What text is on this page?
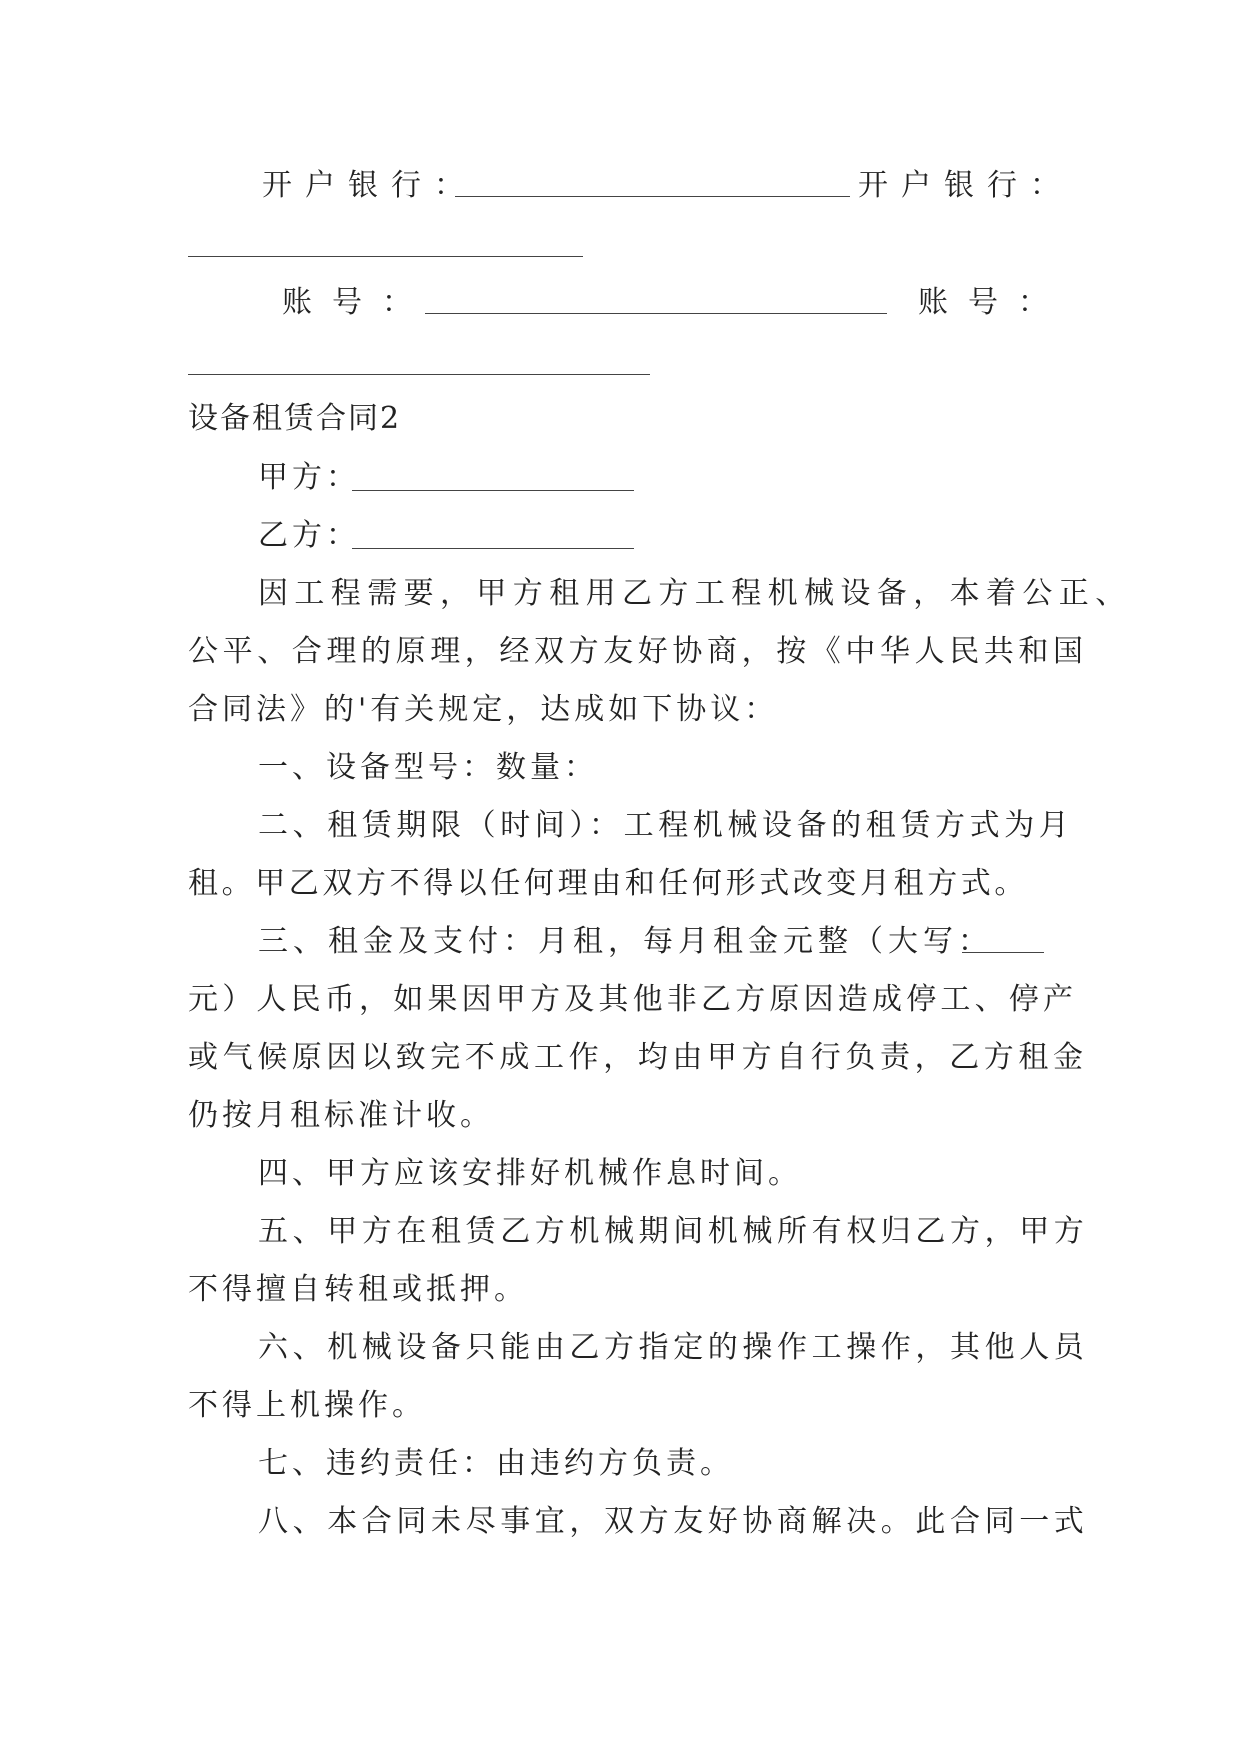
开户银行：	开户银行：
账号：	账号：
设备租赁合同2
甲方：
乙方：
因工程需要，甲方租用乙方工程机械设备，本着公正、
公平、合理的原理，经双方友好协商，按《中华人民共和国
合同法》的'有关规定，达成如下协议：
一、设备型号：数量：
二、租赁期限（时间）：工程机械设备的租赁方式为月
租。甲乙双方不得以任何理由和任何形式改变月租方式。
三、租金及支付：月租，每月租金元整（大写：
元）人民币，如果因甲方及其他非乙方原因造成停工、停产
或气候原因以致完不成工作，均由甲方自行负责，乙方租金
仍按月租标准计收。
四、甲方应该安排好机械作息时间。
五、甲方在租赁乙方机械期间机械所有权归乙方，甲方
不得擅自转租或抵押。
六、机械设备只能由乙方指定的操作工操作，其他人员
不得上机操作。
七、违约责任：由违约方负责。
八、本合同未尽事宜，双方友好协商解决。此合同一式
